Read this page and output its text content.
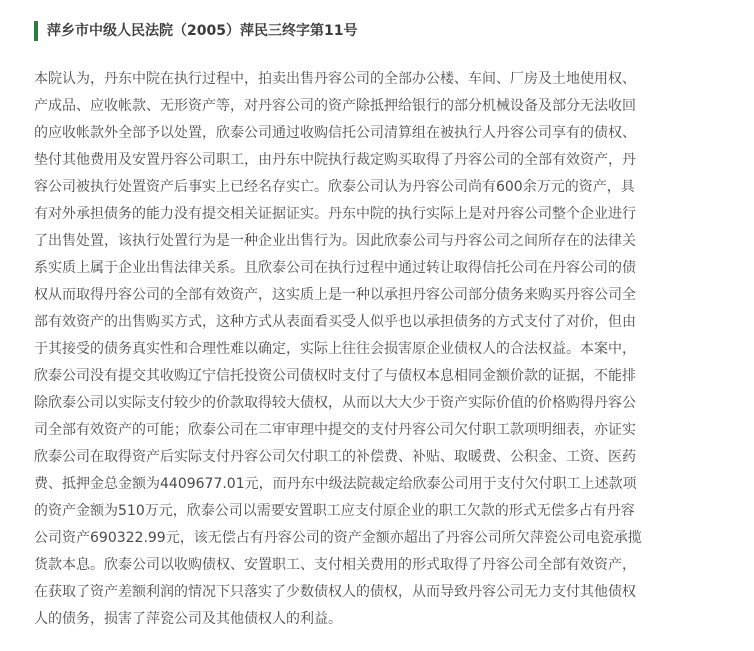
萍乡市中级人民法院（2005）萍民三终字第11号
本院认为，丹东中院在执行过程中，拍卖出售丹容公司的全部办公楼、车间、厂房及土地使用权、
产成品、应收帐款、无形资产等，对丹容公司的资产除抵押给银行的部分机械设备及部分无法收回
的应收帐款外全部予以处置，欣泰公司通过收购信托公司清算组在被执行人丹容公司享有的债权、
垫付其他费用及安置丹容公司职工，由丹东中院执行裁定购买取得了丹容公司的全部有效资产，丹
容公司被执行处置资产后事实上已经名存实亡。欣泰公司认为丹容公司尚有600余万元的资产，具
有对外承担债务的能力没有提交相关证据证实。丹东中院的执行实际上是对丹容公司整个企业进行
了出售处置，该执行处置行为是一种企业出售行为。因此欣泰公司与丹容公司之间所存在的法律关
系实质上属于企业出售法律关系。且欣泰公司在执行过程中通过转让取得信托公司在丹容公司的债
权从而取得丹容公司的全部有效资产，这实质上是一种以承担丹容公司部分债务来购买丹容公司全
部有效资产的出售购买方式，这种方式从表面看买受人似乎也以承担债务的方式支付了对价，但由
于其接受的债务真实性和合理性难以确定，实际上往往会损害原企业债权人的合法权益。本案中，
欣泰公司没有提交其收购辽宁信托投资公司债权时支付了与债权本息相同金额价款的证据，不能排
除欣泰公司以实际支付较少的价款取得较大债权，从而以大大少于资产实际价值的价格购得丹容公
司全部有效资产的可能；欣泰公司在二审审理中提交的支付丹容公司欠付职工款项明细表，亦证实
欣泰公司在取得资产后实际支付丹容公司欠付职工的补偿费、补贴、取暖费、公积金、工资、医药
费、抵押金总金额为4409677.01元，而丹东中级法院裁定给欣泰公司用于支付欠付职工上述款项
的资产金额为510万元，欣泰公司以需要安置职工应支付原企业的职工欠款的形式无偿多占有丹容
公司资产690322.99元，该无偿占有丹容公司的资产金额亦超出了丹容公司所欠萍瓷公司电瓷承揽
货款本息。欣泰公司以收购债权、安置职工、支付相关费用的形式取得了丹容公司全部有效资产，
在获取了资产差额利润的情况下只落实了少数债权人的债权，从而导致丹容公司无力支付其他债权
人的债务，损害了萍瓷公司及其他债权人的利益。
